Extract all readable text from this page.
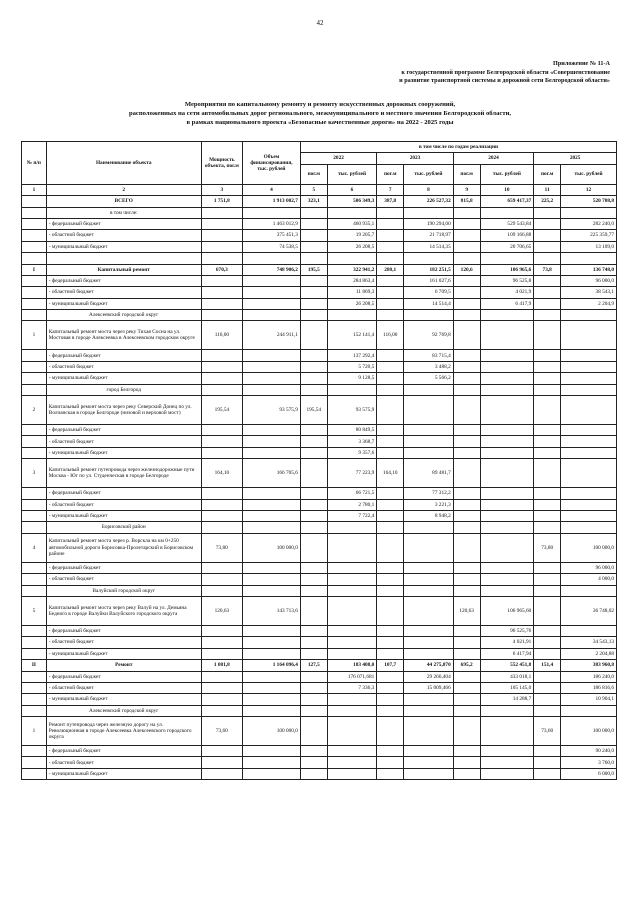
42
Приложение № 11-А
к государственной программе Белгородской области «Совершенствование
и развитие транспортной системы и дорожной сети Белгородской области»
Мероприятия по капитальному ремонту и ремонту искусственных дорожных сооружений,
расположенных на сети автомобильных дорог регионального, межмуниципального и местного значения Белгородской области,
в рамках национального проекта «Безопасные качественные дороги» на 2022 - 2025 годы
№ п/п	Наименование объекта	Мощность объекта, пог.м	Объем финансирования, тыс. рублей	в том числе по годам реализации							
				2022		2023		2024		2025	
				пог.м	тыс. рублей	пог.м	тыс. рублей	пог.м	тыс. рублей	пог.м	тыс. рублей
1	2	3	4	5	6	7	8	9	10	11	12
	ВСЕГО	1 751,8	1 913 002,7	323,1	506 349,3	387,8	226 527,32	815,8	659 417,37	225,2	520 708,8
	в том числе:										
	- федеральный бюджет		1 463 012,9		460 935,1		190 294,00		529 543,84		282 240,0
	- областной бюджет		375 451,3		19 205,7		21 718,97		109 166,88		225 359,77
	- муниципальный бюджет		74 538,5		26 208,5		14 514,35		20 706,65		13 109,0

I	Капитальный ремонт	670,3	748 906,2	195,5	322 941,2	280,1	182 251,5	120,6	106 965,6	73,8	136 748,0
	- федеральный бюджет				284 863,4		161 027,6		96 525,8		96 000,0
	- областной бюджет				11 869,3		6 709,5		4 021,9		38 543,1
	- муниципальный бюджет				26 208,5		14 514,4		6 417,9		2 204,9
	Алексеевский городской округ										
1	Капитальный ремонт моста через реку Тихая Сосна на ул. Мостовая в городе Алексеевка в Алексеевском городском округе	116,00	244 911,1		152 141,4	116,00	92 769,8				
	- федеральный бюджет				137 292,4		83 715,4				
	- областной бюджет				5 720,5		3 488,2				
	- муниципальный бюджет				9 128,5		5 566,2				
	город Белгород										
2	Капитальный ремонт моста через реку Северский Донец по ул. Волчанская в городе Белгороде (низовой и верховой мост)	195,54	93 575,9	195,54	93 575,9						
	- федеральный бюджет				80 849,5						
	- областной бюджет				3 368,7						
	- муниципальный бюджет				9 357,6						
3	Капитальный ремонт путепровода через железнодорожные пути Москва - Юг по ул. Студенческая в городе Белгороде	164,10	166 705,6		77 223,9	164,10	89 481,7				
	- федеральный бюджет				66 721,5		77 312,2				
	- областной бюджет				2 780,1		3 221,3				
	- муниципальный бюджет				7 722,4		8 948,2				
	Борисовский район										
4	Капитальный ремонт моста через р. Ворскла на км 0+250 автомобильной дороги Борисовка-Пролетарский в Борисовском районе	73,80	100 000,0							73,80	100 000,0
	- федеральный бюджет										96 000,0
	- областной бюджет										4 000,0
	Валуйский городской округ										
5	Капитальный ремонт моста через реку Валуй на ул. Демьяна Бедного в городе Валуйки Валуйского городского округа	120,63	143 713,6					120,63	106 965,60		36 748,02
	- федеральный бюджет								96 525,76		
	- областной бюджет								4 021,91		34 543,13
	- муниципальный бюджет								6 417,94		2 204,88
II	Ремонт	1 081,8	1 164 096,4	127,5	183 408,0	107,7	44 275,870	695,2	552 451,8	151,4	383 960,8
	- федеральный бюджет				176 071,681		29 266,404		433 018,1		186 240,0
	- областной бюджет				7 336,3		15 009,466		105 145,0		186 816,6
	- муниципальный бюджет								14 288,7		10 904,1
	Алексеевский городской округ										
1	Ремонт путепровода через железную дорогу на ул. Революционная в городе Алексеевка Алексеевского городского округа	73,60	100 000,0							73,60	100 000,0
	- федеральный бюджет										90 240,0
	- областной бюджет										3 760,0
	- муниципальный бюджет										6 000,0
